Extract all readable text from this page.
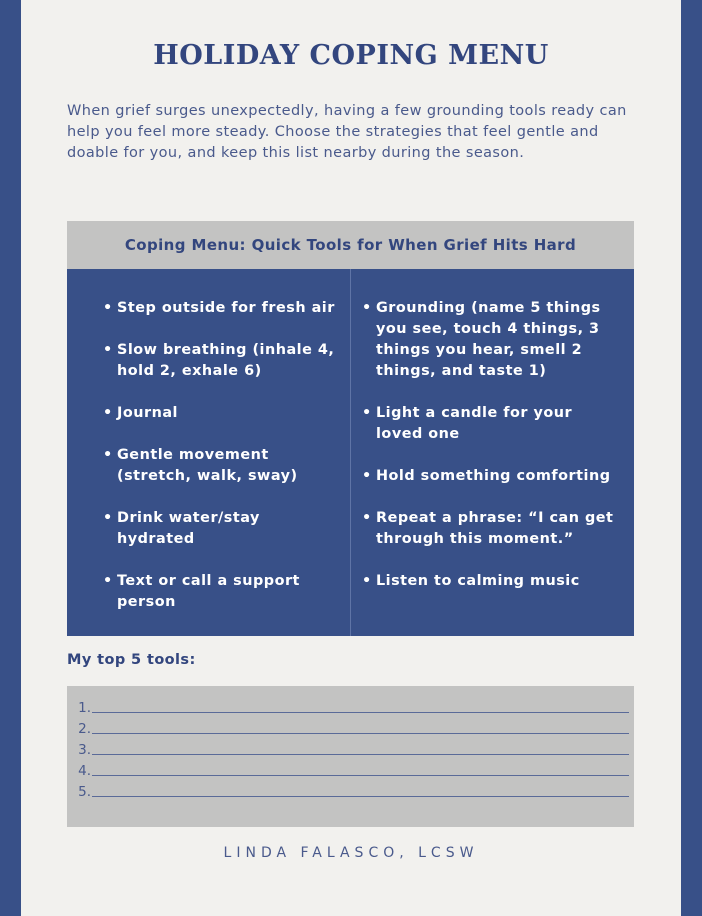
HOLIDAY COPING MENU

When grief surges unexpectedly, having a few grounding tools ready can help you feel more steady. Choose the strategies that feel gentle and doable for you, and keep this list nearby during the season.

Coping Menu: Quick Tools for When Grief Hits Hard
• Step outside for fresh air
• Slow breathing (inhale 4, hold 2, exhale 6)
• Journal
• Gentle movement (stretch, walk, sway)
• Drink water/stay hydrated
• Text or call a support person
• Grounding (name 5 things you see, touch 4 things, 3 things you hear, smell 2 things, and taste 1)
• Light a candle for your loved one
• Hold something comforting
• Repeat a phrase: “I can get through this moment.”
• Listen to calming music
My top 5 tools:
1.
2.
3.
4.
5.
LINDA FALASCO, LCSW
